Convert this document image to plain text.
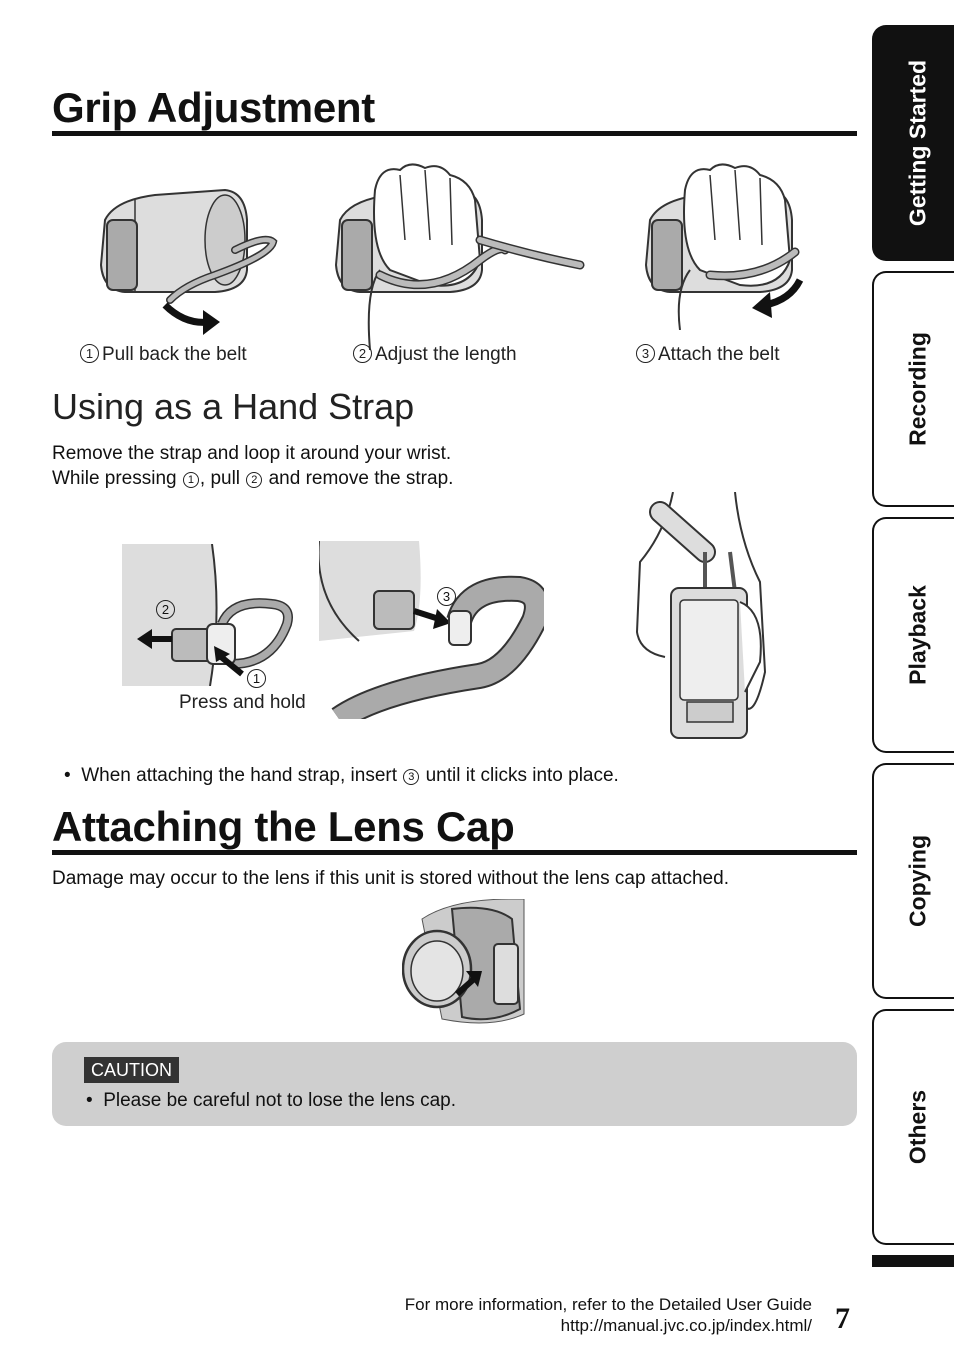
Getting Started
Recording
Playback
Copying
Others
Grip Adjustment
1 Pull back the belt	2 Adjust the length	3 Attach the belt
Using as a Hand Strap
Remove the strap and loop it around your wrist.
While pressing 1 , pull 2 and remove the strap.
2
1
Press and hold
3
•  When attaching the hand strap, insert 3 until it clicks into place.
Attaching the Lens Cap
Damage may occur to the lens if this unit is stored without the lens cap attached.
CAUTION
•  Please be careful not to lose the lens cap.
For more information, refer to the Detailed User Guide
http://manual.jvc.co.jp/index.html/ 7
